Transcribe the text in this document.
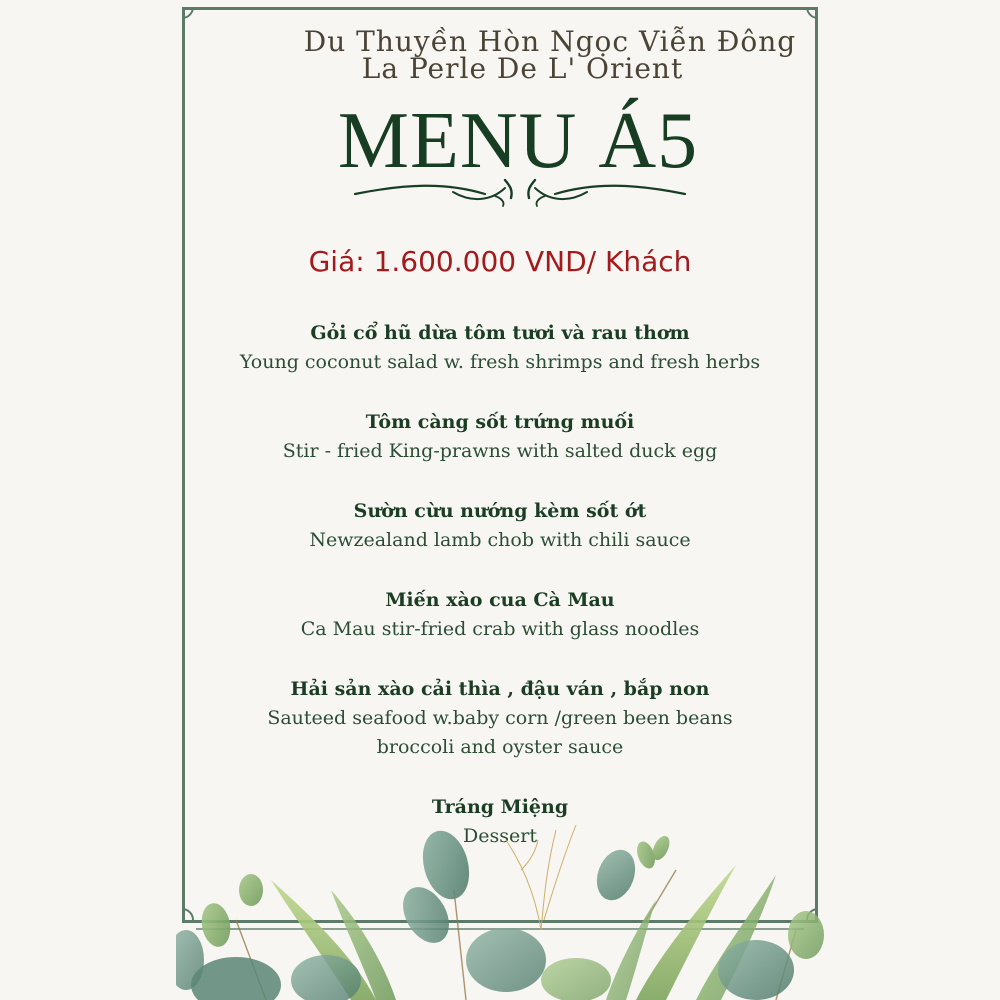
Du Thuyền Hòn Ngọc Viễn Đông
La Perle De L' Orient
MENU Á5
Giá: 1.600.000 VND/ Khách
Gỏi cổ hũ dừa tôm tươi và rau thơm
Young coconut salad w. fresh shrimps and fresh herbs
Tôm càng sốt trứng muối
Stir - fried King-prawns with salted duck egg
Sườn cừu nướng kèm sốt ớt
Newzealand lamb chob with chili sauce
Miến xào cua Cà Mau
Ca Mau stir-fried crab with glass noodles
Hải sản xào cải thìa , đậu ván , bắp non
Sauteed seafood w.baby corn /green been beans
broccoli and oyster sauce
Tráng Miệng
Dessert
